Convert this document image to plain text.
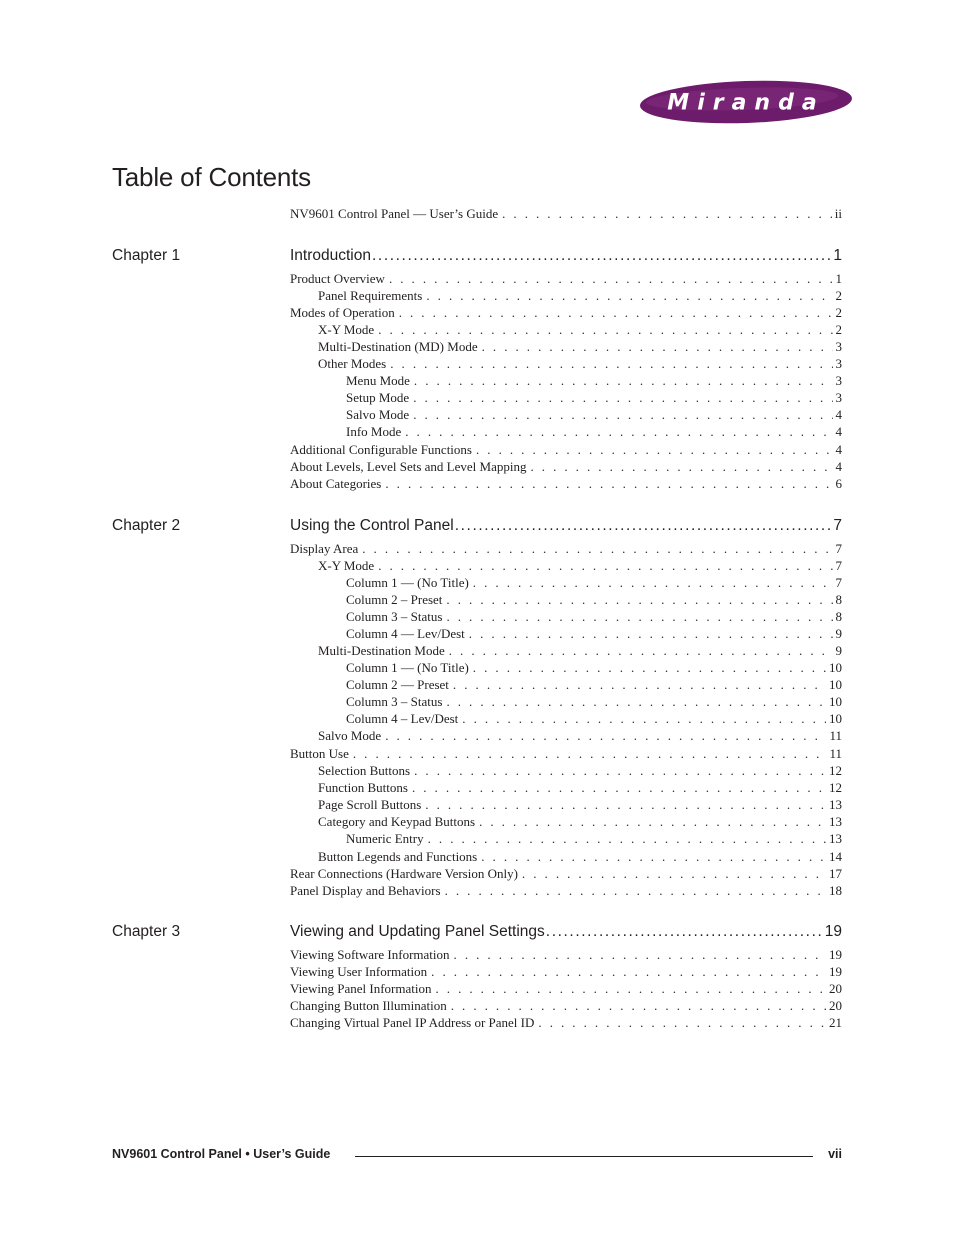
Miranda
Table of Contents
NV9601 Control Panel — User’s Guide . . .	ii
Chapter 1	Introduction .....	1
Product Overview . . .	1
Panel Requirements . . .	2
Modes of Operation . . .	2
X-Y Mode . . .	2
Multi-Destination (MD) Mode . . .	3
Other Modes . . .	3
Menu Mode . . .	3
Setup Mode . . .	3
Salvo Mode . . .	4
Info Mode . . .	4
Additional Configurable Functions . . .	4
About Levels, Level Sets and Level Mapping . . .	4
About Categories . . .	6
Chapter 2	Using the Control Panel .....	7
Display Area . . .	7
X-Y Mode . . .	7
Column 1 — (No Title) . . .	7
Column 2 – Preset . . .	8
Column 3 – Status . . .	8
Column 4 — Lev/Dest . . .	9
Multi-Destination Mode . . .	9
Column 1 — (No Title) . . .	10
Column 2 — Preset . . .	10
Column 3 – Status . . .	10
Column 4 – Lev/Dest . . .	10
Salvo Mode . . .	11
Button Use . . .	11
Selection Buttons . . .	12
Function Buttons . . .	12
Page Scroll Buttons . . .	13
Category and Keypad Buttons . . .	13
Numeric Entry . . .	13
Button Legends and Functions . . .	14
Rear Connections (Hardware Version Only) . . .	17
Panel Display and Behaviors . . .	18
Chapter 3	Viewing and Updating Panel Settings .....	19
Viewing Software Information . . .	19
Viewing User Information . . .	19
Viewing Panel Information . . .	20
Changing Button Illumination . . .	20
Changing Virtual Panel IP Address or Panel ID . . .	21
NV9601 Control Panel • User’s Guide	vii
